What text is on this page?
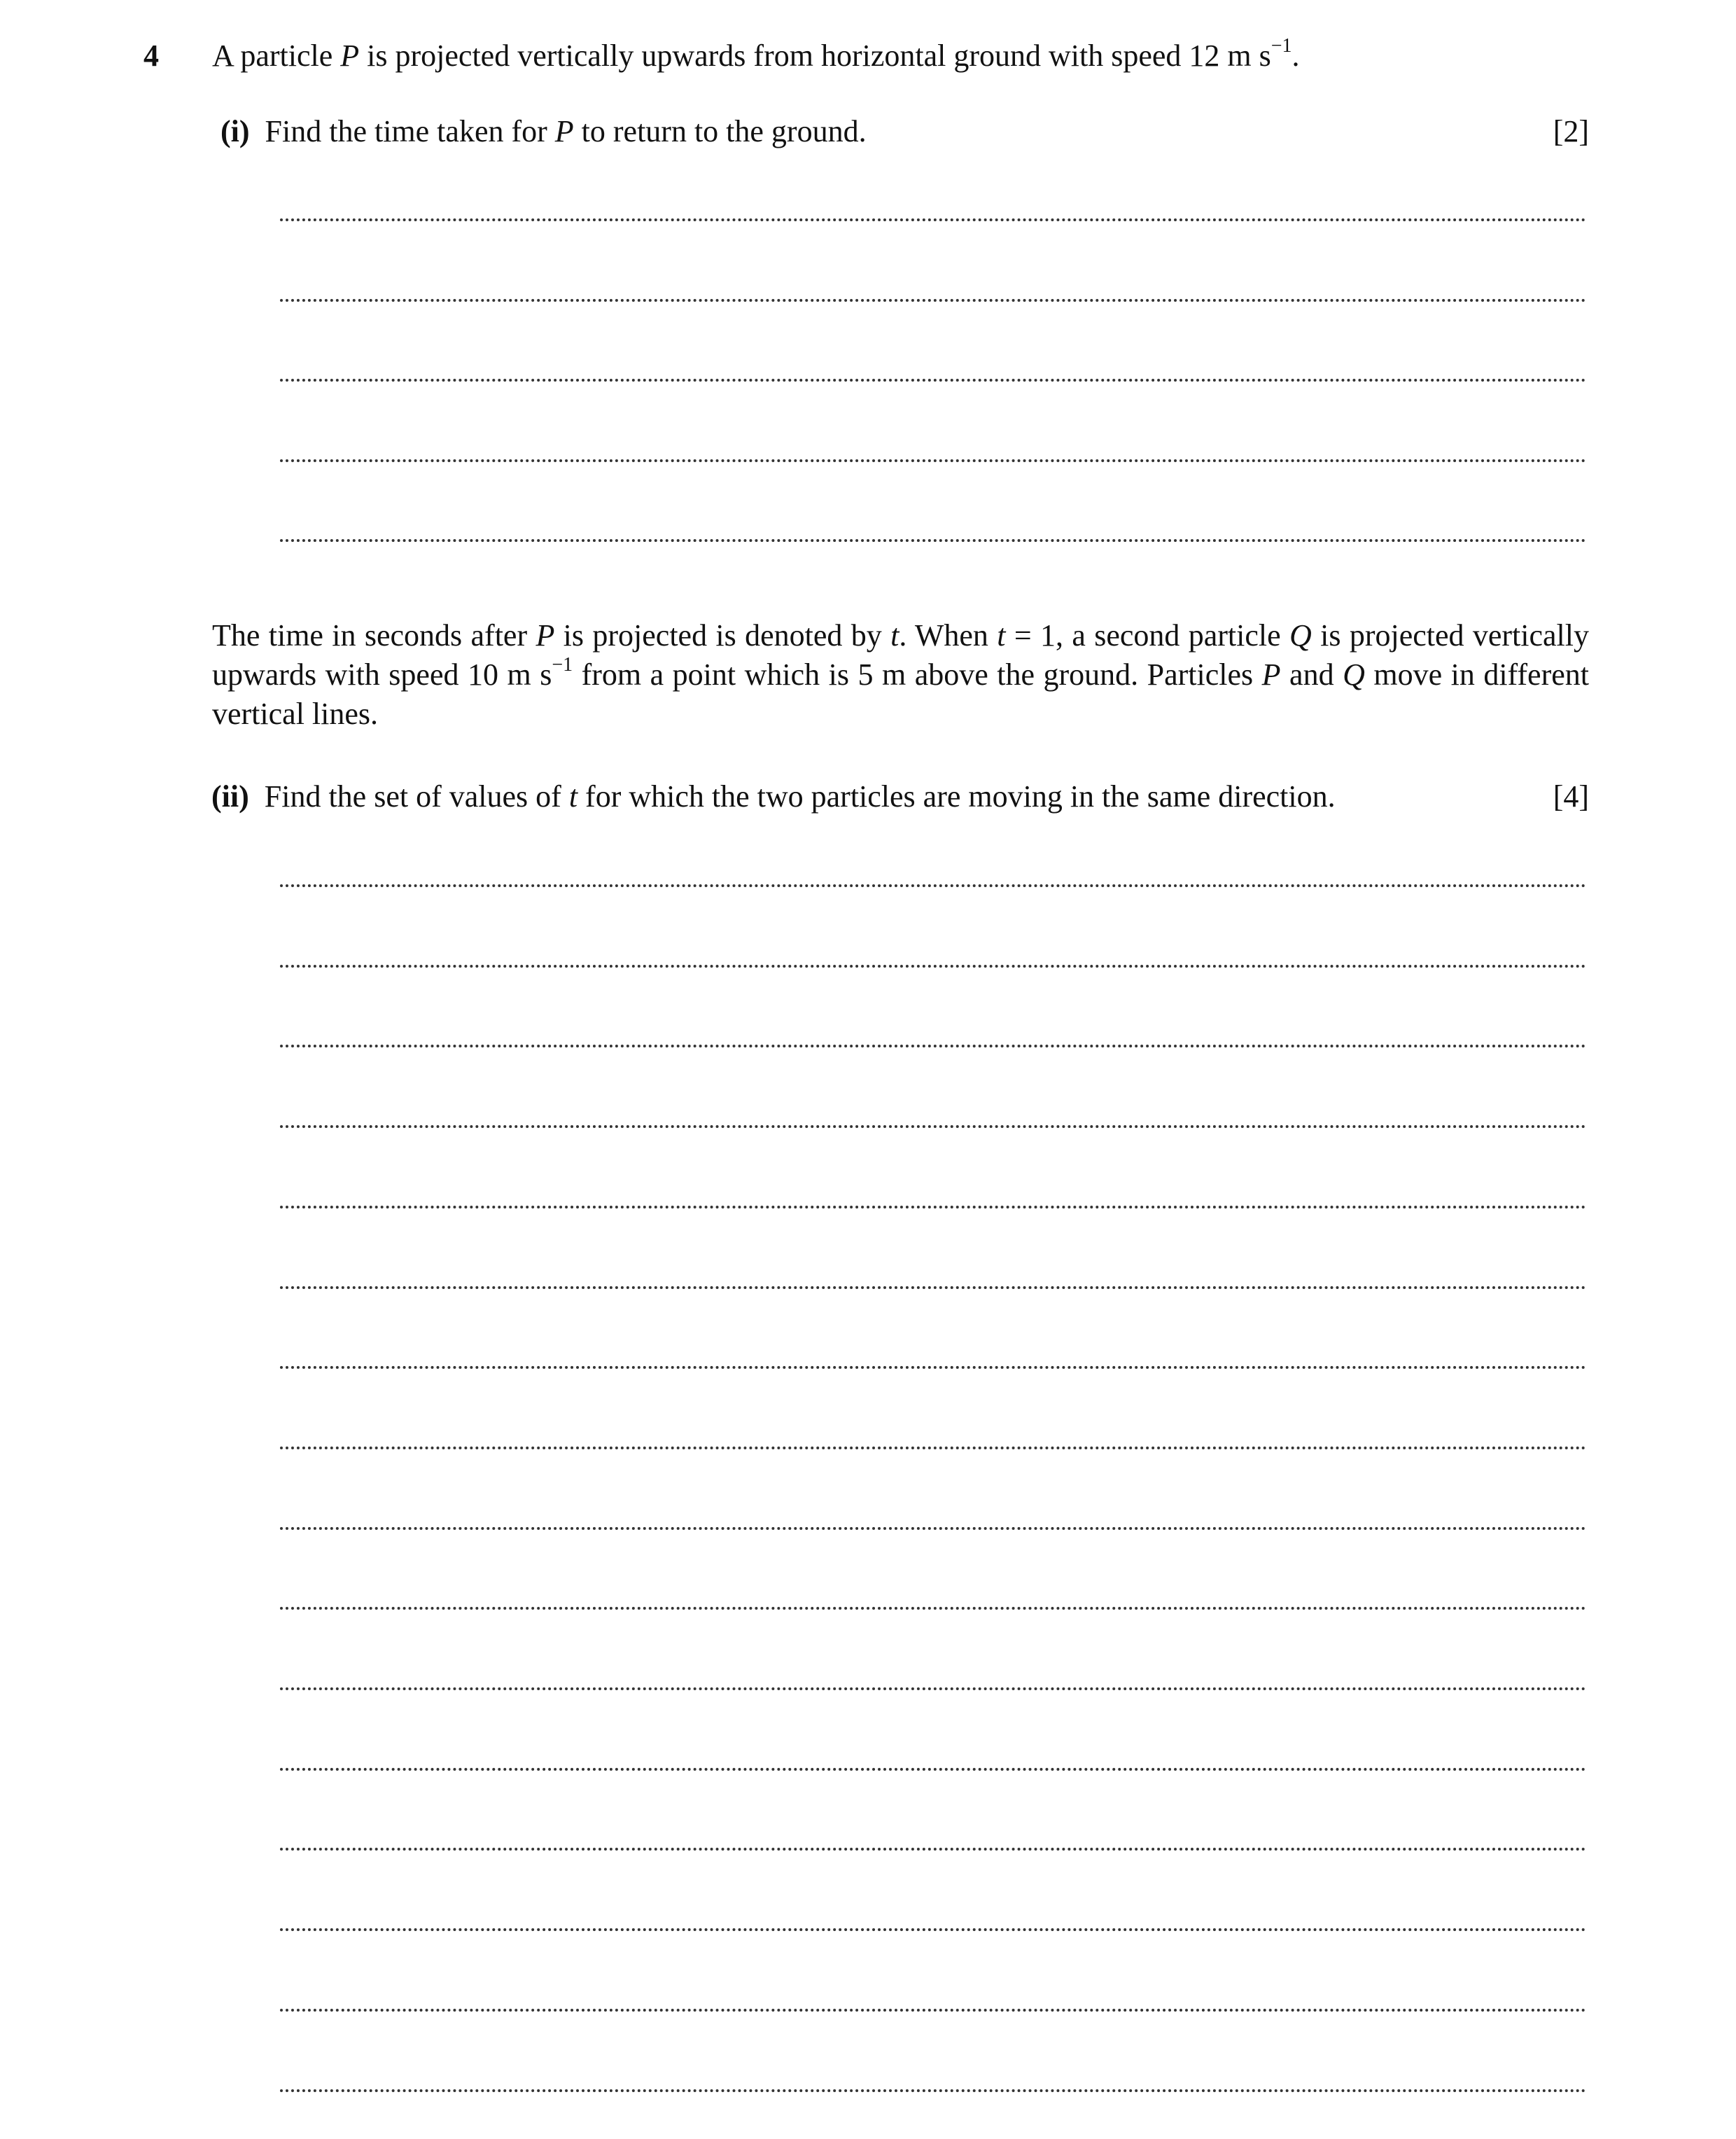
4 A particle P is projected vertically upwards from horizontal ground with speed 12 m $s^{-1}$.
(i) Find the time taken for P to return to the ground.	[2]
The time in seconds after P is projected is denoted by t. When t = 1, a second particle Q is projected vertically upwards with speed 10 m $s^{-1}$ from a point which is 5 m above the ground. Particles P and Q move in different vertical lines.
(ii) Find the set of values of t for which the two particles are moving in the same direction.	[4]
